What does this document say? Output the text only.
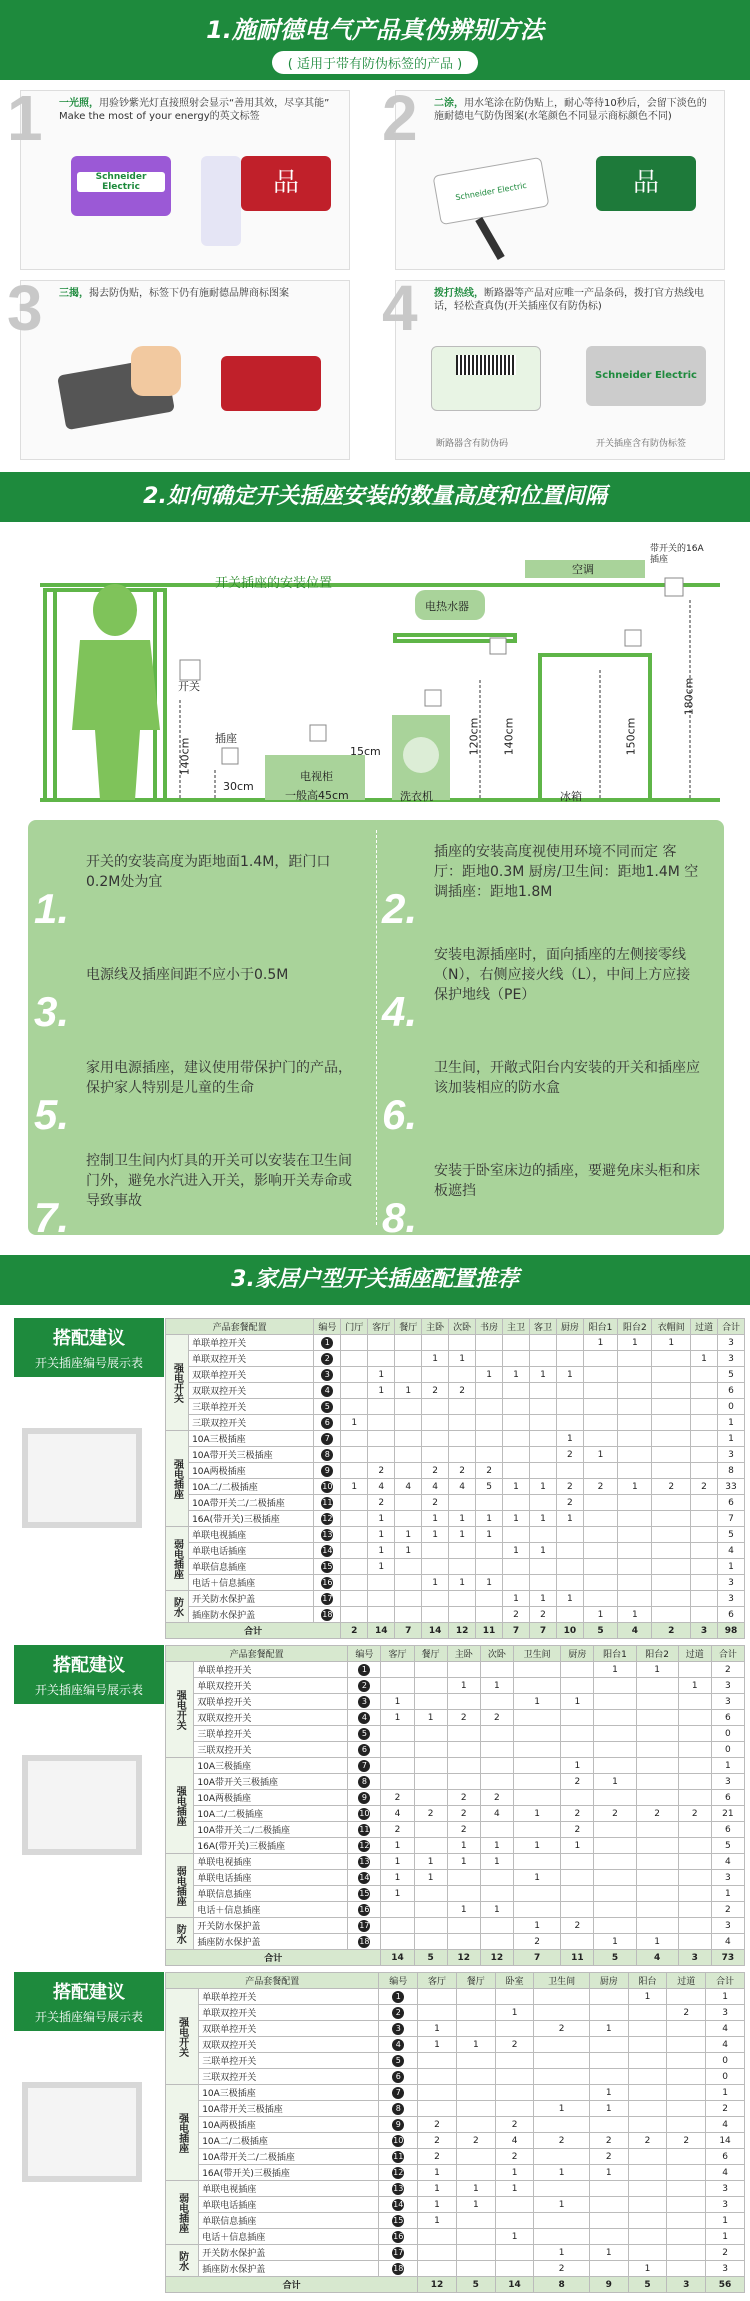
1.施耐德电气产品真伪辨别方法
( 适用于带有防伪标签的产品 )
1 一光照，用验钞紫光灯直接照射会显示“善用其效，尽享其能” Make the most of your energy的英文标签
Schneider Electric	品
2 二涂，用水笔涂在防伪贴上，耐心等待10秒后，会留下淡色的施耐德电气防伪图案(水笔颜色不同显示商标颜色不同)
Schneider Electric	品
3 三揭，揭去防伪贴，标签下仍有施耐德品牌商标图案	4 拨打热线，断路器等产品对应唯一产品条码，拨打官方热线电话，轻松查真伪(开关插座仅有防伪标)
Schneider Electric
断路器含有防伪码	开关插座含有防伪标签
2.如何确定开关插座安装的数量高度和位置间隔
开关插座的安装位置
开关
插座
140cm
30cm
15cm
电视柜
一般高45cm	洗衣机	冰箱
电热水器
空调
带开关的16A插座
120cm 140cm	150cm
180cm
1.
开关的安装高度为距地面1.4M，距门口0.2M处为宜
2.
插座的安装高度视使用环境不同而定 客厅：距地0.3M 厨房/卫生间：距地1.4M 空调插座：距地1.8M
3.
电源线及插座间距不应小于0.5M
4.
安装电源插座时，面向插座的左侧接零线（N），右侧应接火线（L），中间上方应接保护地线（PE）
5.
家用电源插座，建议使用带保护门的产品，保护家人特别是儿童的生命
6.
卫生间，开敞式阳台内安装的开关和插座应该加装相应的防水盒
7.
控制卫生间内灯具的开关可以安装在卫生间门外，避免水汽进入开关，影响开关寿命或导致事故	8.
安装于卧室床边的插座，要避免床头柜和床板遮挡
3.家居户型开关插座配置推荐
搭配建议
开关插座编号展示表
产品套餐配置		编号	门厅	客厅	餐厅	主卧	次卧	书房	主卫	客卫	厨房	阳台1	阳台2	衣帽间	过道	合计
强电开关	单联单控开关	1										1	1	1		3
	单联双控开关	2				1	1								1	3
	双联单控开关	3		1				1	1	1	1					5
	双联双控开关	4		1	1	2	2									6
	三联单控开关	5														0
	三联双控开关	6	1													1
强电插座	10A三极插座	7									1					1
	10A带开关三极插座	8									2	1				3
	10A两极插座	9		2		2	2	2								8
	10A二/二极插座	10	1	4	4	4	4	5	1	1	2	2	1	2	2	33
	10A带开关二/二极插座	11		2		2					2					6
	16A(带开关)三极插座	12		1		1	1	1	1	1	1					7
弱电插座	单联电视插座	13		1	1	1	1	1								5
	单联电话插座	14		1	1				1	1						4
	单联信息插座	15		1												1
	电话＋信息插座	16				1	1	1								3
防水	开关防水保护盖	17							1	1	1					3
	插座防水保护盖	18							2	2		1	1			6
合计			2	14	7	14	12	11	7	7	10	5	4	2	3	98
搭配建议
开关插座编号展示表
产品套餐配置		编号	客厅	餐厅	主卧	次卧	卫生间	厨房	阳台1	阳台2	过道	合计
强电开关	单联单控开关	1							1	1		2
	单联双控开关	2			1	1					1	3
	双联单控开关	3	1				1	1				3
	双联双控开关	4	1	1	2	2						6
	三联单控开关	5										0
	三联双控开关	6										0
强电插座	10A三极插座	7						1				1
	10A带开关三极插座	8						2	1			3
	10A两极插座	9	2		2	2						6
	10A二/二极插座	10	4	2	2	4	1	2	2	2	2	21
	10A带开关二/二极插座	11	2		2			2				6
	16A(带开关)三极插座	12	1		1	1	1	1				5
弱电插座	单联电视插座	13	1	1	1	1						4
	单联电话插座	14	1	1			1					3
	单联信息插座	15	1									1
	电话＋信息插座	16			1	1						2
防水	开关防水保护盖	17					1	2				3
	插座防水保护盖	18					2		1	1		4
合计			14	5	12	12	7	11	5	4	3	73
搭配建议
开关插座编号展示表
产品套餐配置		编号	客厅	餐厅	卧室	卫生间	厨房	阳台	过道	合计
强电开关	单联单控开关	1						1		1
	单联双控开关	2			1				2	3
	双联单控开关	3	1			2	1			4
	双联双控开关	4	1	1	2					4
	三联单控开关	5								0
	三联双控开关	6								0
强电插座	10A三极插座	7					1			1
	10A带开关三极插座	8				1	1			2
	10A两极插座	9	2		2					4
	10A二/二极插座	10	2	2	4	2	2	2	2	14
	10A带开关二/二极插座	11	2		2		2			6
	16A(带开关)三极插座	12	1		1	1	1			4
弱电插座	单联电视插座	13	1	1	1					3
	单联电话插座	14	1	1		1				3
	单联信息插座	15	1							1
	电话＋信息插座	16			1					1
防水	开关防水保护盖	17				1	1			2
	插座防水保护盖	18				2		1		3
合计			12	5	14	8	9	5	3	56
